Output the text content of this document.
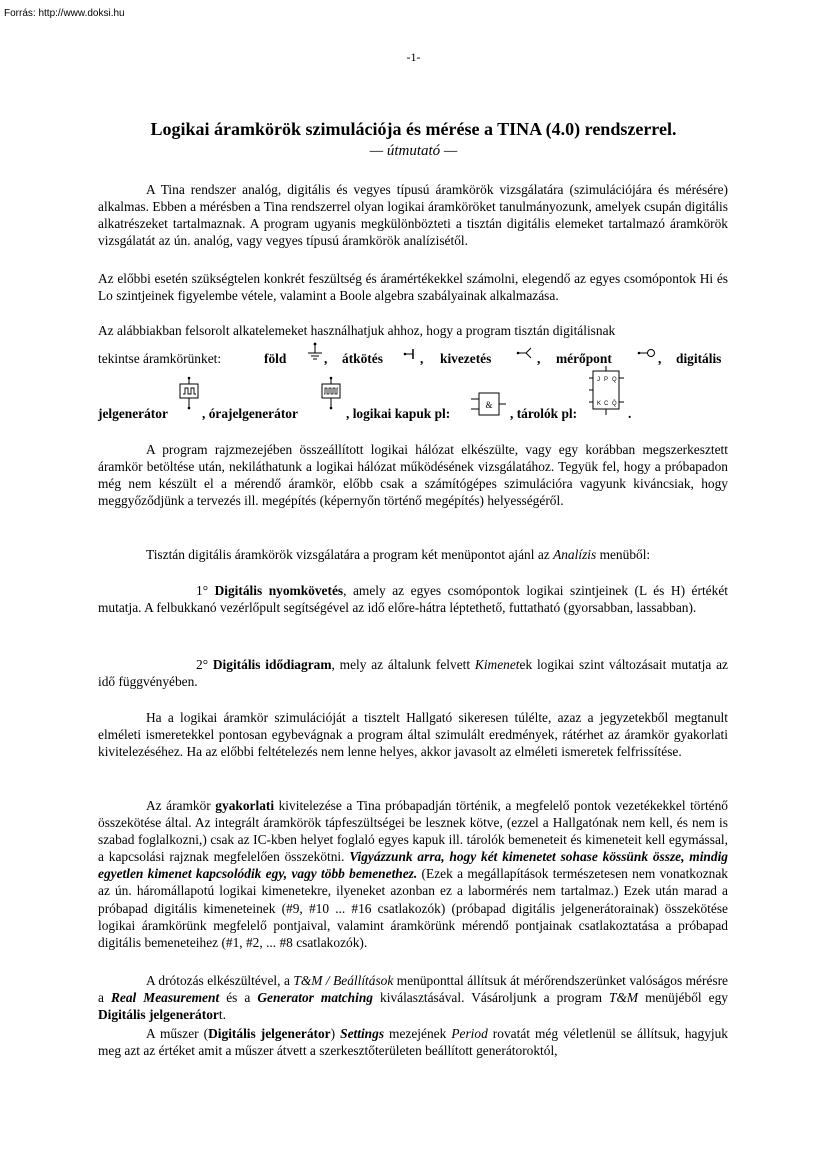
Forrás: http://www.doksi.hu
-1-
Logikai áramkörök szimulációja és mérése a TINA (4.0) rendszerrel.
— útmutató —

A Tina rendszer analóg, digitális és vegyes típusú áramkörök vizsgálatára (szimulációjára és mérésére) alkalmas. Ebben a mérésben a Tina rendszerrel olyan logikai áramköröket tanulmányozunk, amelyek csupán digitális alkatrészeket tartalmaznak. A program ugyanis megkülönbözteti a tisztán digitális elemeket tartalmazó áramkörök vizsgálatát az ún. analóg, vagy vegyes típusú áramkörök analízisétől.

Az előbbi esetén szükségtelen konkrét feszültség és áramértékekkel számolni, elegendő az egyes csomópontok Hi és Lo szintjeinek figyelembe vétele, valamint a Boole algebra szabályainak alkalmazása.

Az alábbiakban felsorolt alkatelemeket használhatjuk ahhoz, hogy a program tisztán digitálisnak

tekintse áramkörünket:	föld	, átkötés	, kivezetés	, mérőpont	, digitális
jelgenerátor	, órajelgenerátor	, logikai kapuk pl:
&
, tárolók pl:
J P Q
K C Q̄
.

A program rajzmezejében összeállított logikai hálózat elkészülte, vagy egy korábban megszerkesztett áramkör betöltése után, nekiláthatunk a logikai hálózat működésének vizsgálatához. Tegyük fel, hogy a próbapadon még nem készült el a mérendő áramkör, előbb csak a számítógépes szimulációra vagyunk kiváncsiak, hogy meggyőződjünk a tervezés ill. megépítés (képernyőn történő megépítés) helyességéről.

Tisztán digitális áramkörök vizsgálatára a program két menüpontot ajánl az Analízis menüből:

1° Digitális nyomkövetés, amely az egyes csomópontok logikai szintjeinek (L és H) értékét mutatja. A felbukkanó vezérlőpult segítségével az idő előre-hátra léptethető, futtatható (gyorsabban, lassabban).

2° Digitális idődiagram, mely az általunk felvett Kimenetek logikai szint változásait mutatja az idő függvényében.

Ha a logikai áramkör szimulációját a tisztelt Hallgató sikeresen túlélte, azaz a jegyzetekből megtanult elméleti ismeretekkel pontosan egybevágnak a program által szimulált eredmények, rátérhet az áramkör gyakorlati kivitelezéséhez. Ha az előbbi feltételezés nem lenne helyes, akkor javasolt az elméleti ismeretek felfrissítése.

Az áramkör gyakorlati kivitelezése a Tina próbapadján történik, a megfelelő pontok vezetékekkel történő összekötése által. Az integrált áramkörök tápfeszültségei be lesznek kötve, (ezzel a Hallgatónak nem kell, és nem is szabad foglalkozni,) csak az IC-kben helyet foglaló egyes kapuk ill. tárolók bemeneteit és kimeneteit kell egymással, a kapcsolási rajznak megfelelően összekötni. Vigyázzunk arra, hogy két kimenetet sohase kössünk össze, mindig egyetlen kimenet kapcsolódik egy, vagy több bemenethez. (Ezek a megállapítások természetesen nem vonatkoznak az ún. háromállapotú logikai kimenetekre, ilyeneket azonban ez a labormérés nem tartalmaz.) Ezek után marad a próbapad digitális kimeneteinek (#9, #10 ... #16 csatlakozók) (próbapad digitális jelgenerátorainak) összekötése logikai áramkörünk megfelelő pontjaival, valamint áramkörünk mérendő pontjainak csatlakoztatása a próbapad digitális bemeneteihez (#1, #2, ... #8 csatlakozók).

A drótozás elkészültével, a T&M / Beállítások menüponttal állítsuk át mérőrendszerünket valóságos mérésre a Real Measurement és a Generator matching kiválasztásával. Vásároljunk a program T&M menüjéből egy Digitális jelgenerátort.

A műszer (Digitális jelgenerátor) Settings mezejének Period rovatát még véletlenül se állítsuk, hagyjuk meg azt az értéket amit a műszer átvett a szerkesztőterületen beállított generátoroktól,
